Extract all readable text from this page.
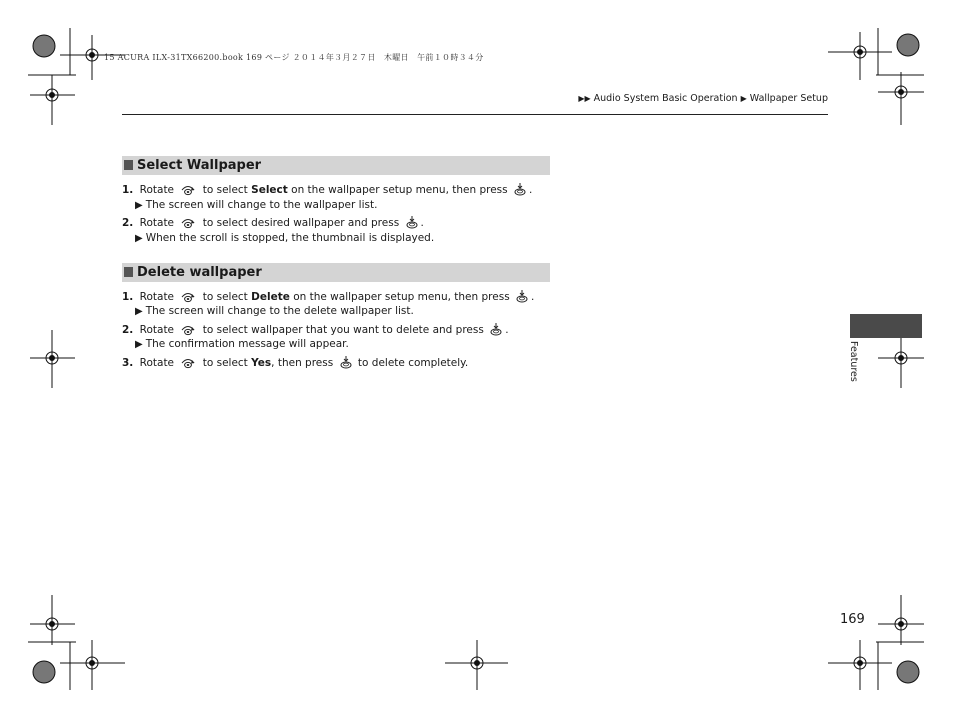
15 ACURA ILX-31TX66200.book 169 ページ ２０１４年３月２７日　木曜日　午前１０時３４分
▶▶ Audio System Basic Operation ▶ Wallpaper Setup
Select Wallpaper
1. Rotate	to select Select on the wallpaper setup menu, then press .
▶ The screen will change to the wallpaper list.
2. Rotate	to select desired wallpaper and press .
▶ When the scroll is stopped, the thumbnail is displayed.
Delete wallpaper
1. Rotate	to select Delete on the wallpaper setup menu, then press .
▶ The screen will change to the delete wallpaper list.
2. Rotate	to select wallpaper that you want to delete and press .
▶ The confirmation message will appear.
3. Rotate	to select Yes, then press to delete completely.	Features
169
